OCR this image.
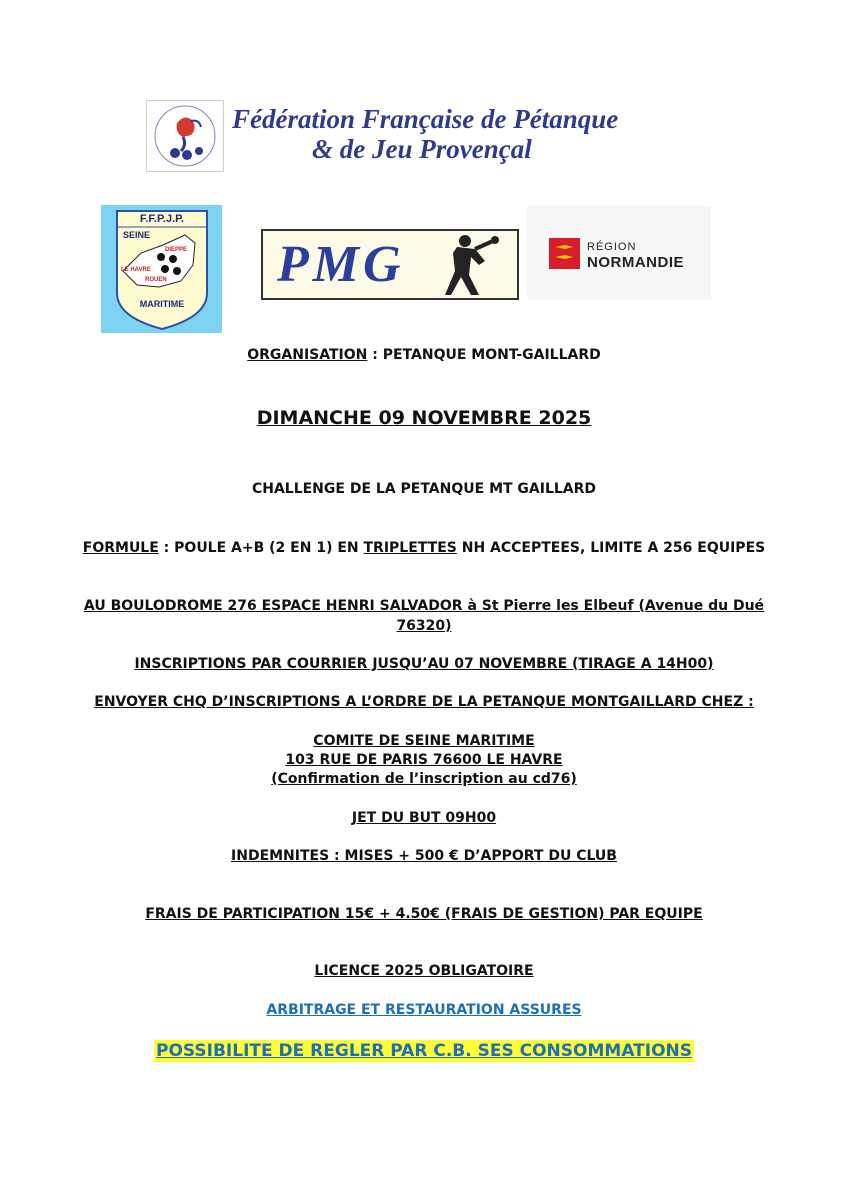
Fédération Française de Pétanque
& de Jeu Provençal
F.F.P.J.P.
SEINE
DIEPPE
LE HAVRE
ROUEN
MARITIME
PMG	RÉGION
NORMANDIE
ORGANISATION : PETANQUE MONT-GAILLARD
DIMANCHE 09 NOVEMBRE 2025
CHALLENGE DE LA PETANQUE MT GAILLARD
FORMULE : POULE A+B (2 EN 1) EN TRIPLETTES NH ACCEPTEES, LIMITE A 256 EQUIPES
AU BOULODROME 276 ESPACE HENRI SALVADOR à St Pierre les Elbeuf (Avenue du Dué
76320)
INSCRIPTIONS PAR COURRIER JUSQU’AU 07 NOVEMBRE (TIRAGE A 14H00)
ENVOYER CHQ D’INSCRIPTIONS A L’ORDRE DE LA PETANQUE MONTGAILLARD CHEZ :
COMITE DE SEINE MARITIME
103 RUE DE PARIS 76600 LE HAVRE
(Confirmation de l’inscription au cd76)
JET DU BUT 09H00
INDEMNITES : MISES + 500 € D’APPORT DU CLUB
FRAIS DE PARTICIPATION 15€ + 4.50€ (FRAIS DE GESTION) PAR EQUIPE
LICENCE 2025 OBLIGATOIRE
ARBITRAGE ET RESTAURATION ASSURES
POSSIBILITE DE REGLER PAR C.B. SES CONSOMMATIONS
